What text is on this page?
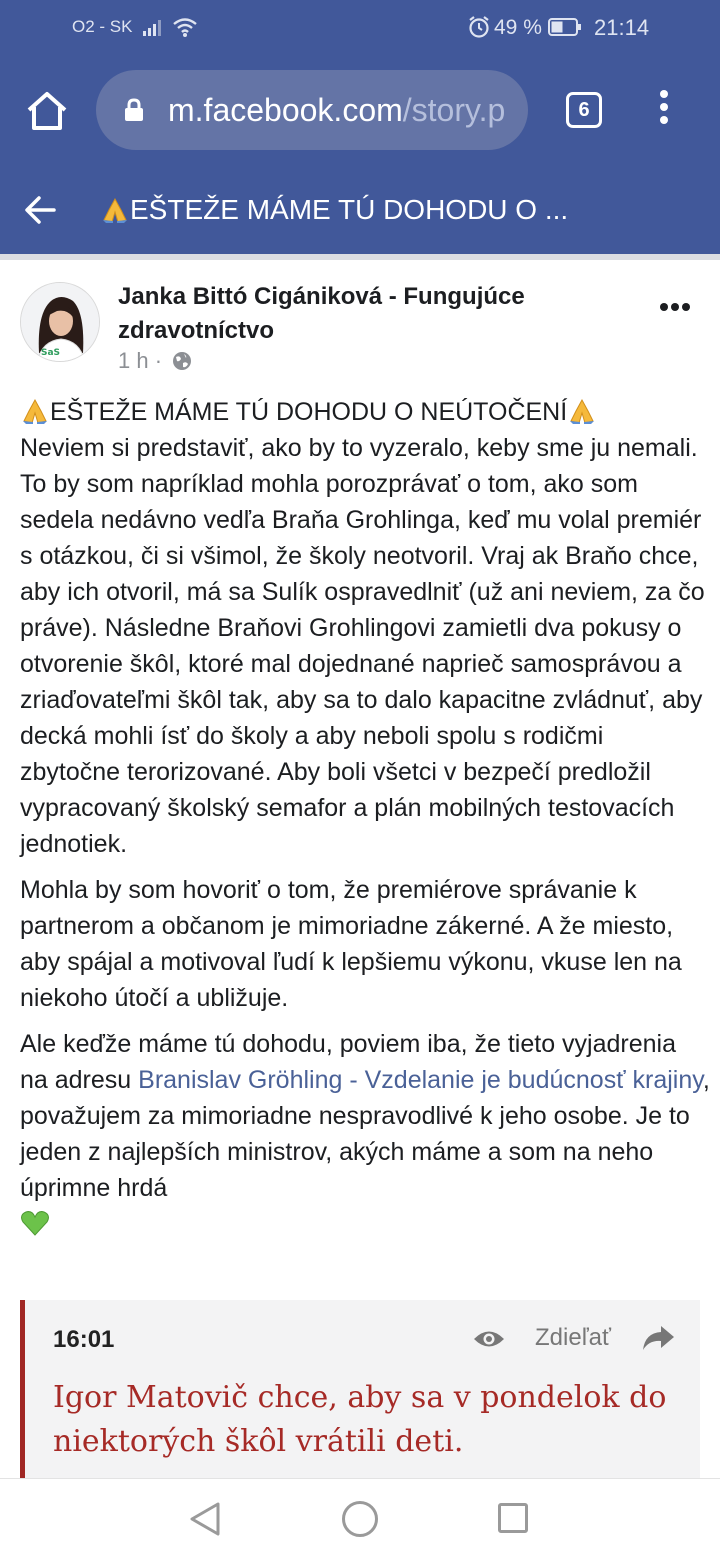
O2 - SK	49 % 21:14
m.facebook.com/story.p	6
EŠTEŽE MÁME TÚ DOHODU O ...
SaS
Janka Bittó Cigániková - Fungujúce zdravotníctvo
1 h ·

EŠTEŽE MÁME TÚ DOHODU O NEÚTOČENÍ
Neviem si predstaviť, ako by to vyzeralo, keby sme ju nemali. To by som napríklad mohla porozprávať o tom, ako som sedela nedávno vedľa Braňa Grohlinga, keď mu volal premiér s otázkou, či si všimol, že školy neotvoril. Vraj ak Braňo chce, aby ich otvoril, má sa Sulík ospravedlniť (už ani neviem, za čo práve). Následne Braňovi Grohlingovi zamietli dva pokusy o otvorenie škôl, ktoré mal dojednané naprieč samosprávou a zriaďovateľmi škôl tak, aby sa to dalo kapacitne zvládnuť, aby decká mohli ísť do školy a aby neboli spolu s rodičmi zbytočne terorizované. Aby boli všetci v bezpečí predložil vypracovaný školský semafor a plán mobilných testovacích jednotiek.

Mohla by som hovoriť o tom, že premiérove správanie k partnerom a občanom je mimoriadne zákerné. A že miesto, aby spájal a motivoval ľudí k lepšiemu výkonu, vkuse len na niekoho útočí a ubližuje.

Ale keďže máme tú dohodu, poviem iba, že tieto vyjadrenia na adresu Branislav Gröhling - Vzdelanie je budúcnosť krajiny, považujem za mimoriadne nespravodlivé k jeho osobe. Je to jeden z najlepších ministrov, akých máme a som na neho úprimne hrdá

16:01	Zdieľať
Igor Matovič chce, aby sa v pondelok do niektorých škôl vrátili deti.
